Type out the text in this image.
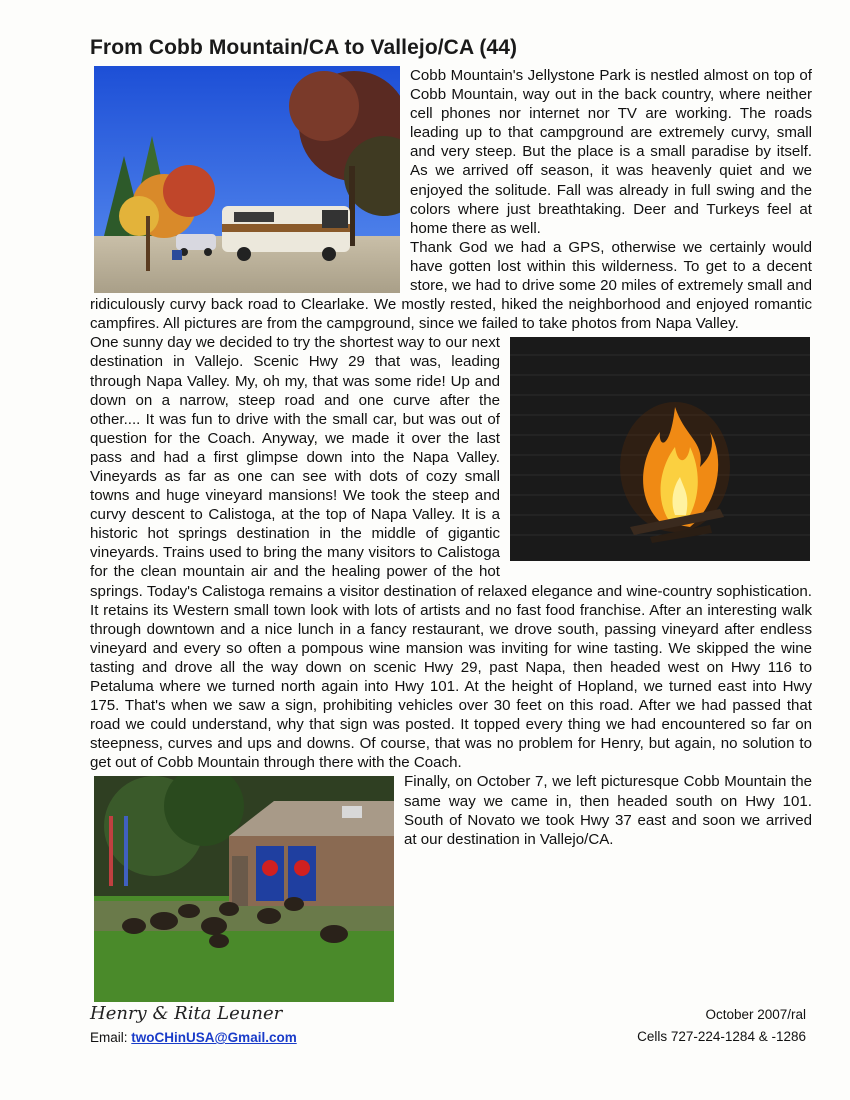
From Cobb Mountain/CA to Vallejo/CA (44)

Cobb Mountain's Jellystone Park is nestled almost on top of Cobb Mountain, way out in the back country, where neither cell phones nor internet nor TV are working. The roads leading up to that campground are extremely curvy, small and very steep. But the place is a small paradise by itself. As we arrived off season, it was heavenly quiet and we enjoyed the solitude. Fall was already in full swing and the colors where just breathtaking. Deer and Turkeys feel at home there as well.

Thank God we had a GPS, otherwise we certainly would have gotten lost within this wilderness. To get to a decent store, we had to drive some 20 miles of extremely small and ridiculously curvy back road to Clearlake. We mostly rested, hiked the neighborhood and enjoyed romantic campfires. All pictures are from the campground, since we failed to take photos from Napa Valley.

One sunny day we decided to try the shortest way to our next destination in Vallejo. Scenic Hwy 29 that was, leading through Napa Valley. My, oh my, that was some ride! Up and down on a narrow, steep road and one curve after the other.... It was fun to drive with the small car, but was out of question for the Coach. Anyway, we made it over the last pass and had a first glimpse down into the Napa Valley. Vineyards as far as one can see with dots of cozy small towns and huge vineyard mansions! We took the steep and curvy descent to Calistoga, at the top of Napa Valley. It is a historic hot springs destination in the middle of gigantic vineyards. Trains used to bring the many visitors to Calistoga for the clean mountain air and the healing power of the hot springs. Today's Calistoga remains a visitor destination of relaxed elegance and wine-country sophistication. It retains its Western small town look with lots of artists and no fast food franchise. After an interesting walk through downtown and a nice lunch in a fancy restaurant, we drove south, passing vineyard after endless vineyard and every so often a pompous wine mansion was inviting for wine tasting. We skipped the wine tasting and drove all the way down on scenic Hwy 29, past Napa, then headed west on Hwy 116 to Petaluma where we turned north again into Hwy 101. At the height of Hopland, we turned east into Hwy 175. That's when we saw a sign, prohibiting vehicles over 30 feet on this road. After we had passed that road we could understand, why that sign was posted. It topped every thing we had encountered so far on steepness, curves and ups and downs. Of course, that was no problem for Henry, but again, no solution to get out of Cobb Mountain through there with the Coach.

Finally, on October 7, we left picturesque Cobb Mountain the same way we came in, then headed south on Hwy 101. South of Novato we took Hwy 37 east and soon we arrived at our destination in Vallejo/CA.

Henry & Rita Leuner
Email: twoCHinUSA@Gmail.com
October 2007/ral
Cells 727-224-1284 & -1286
